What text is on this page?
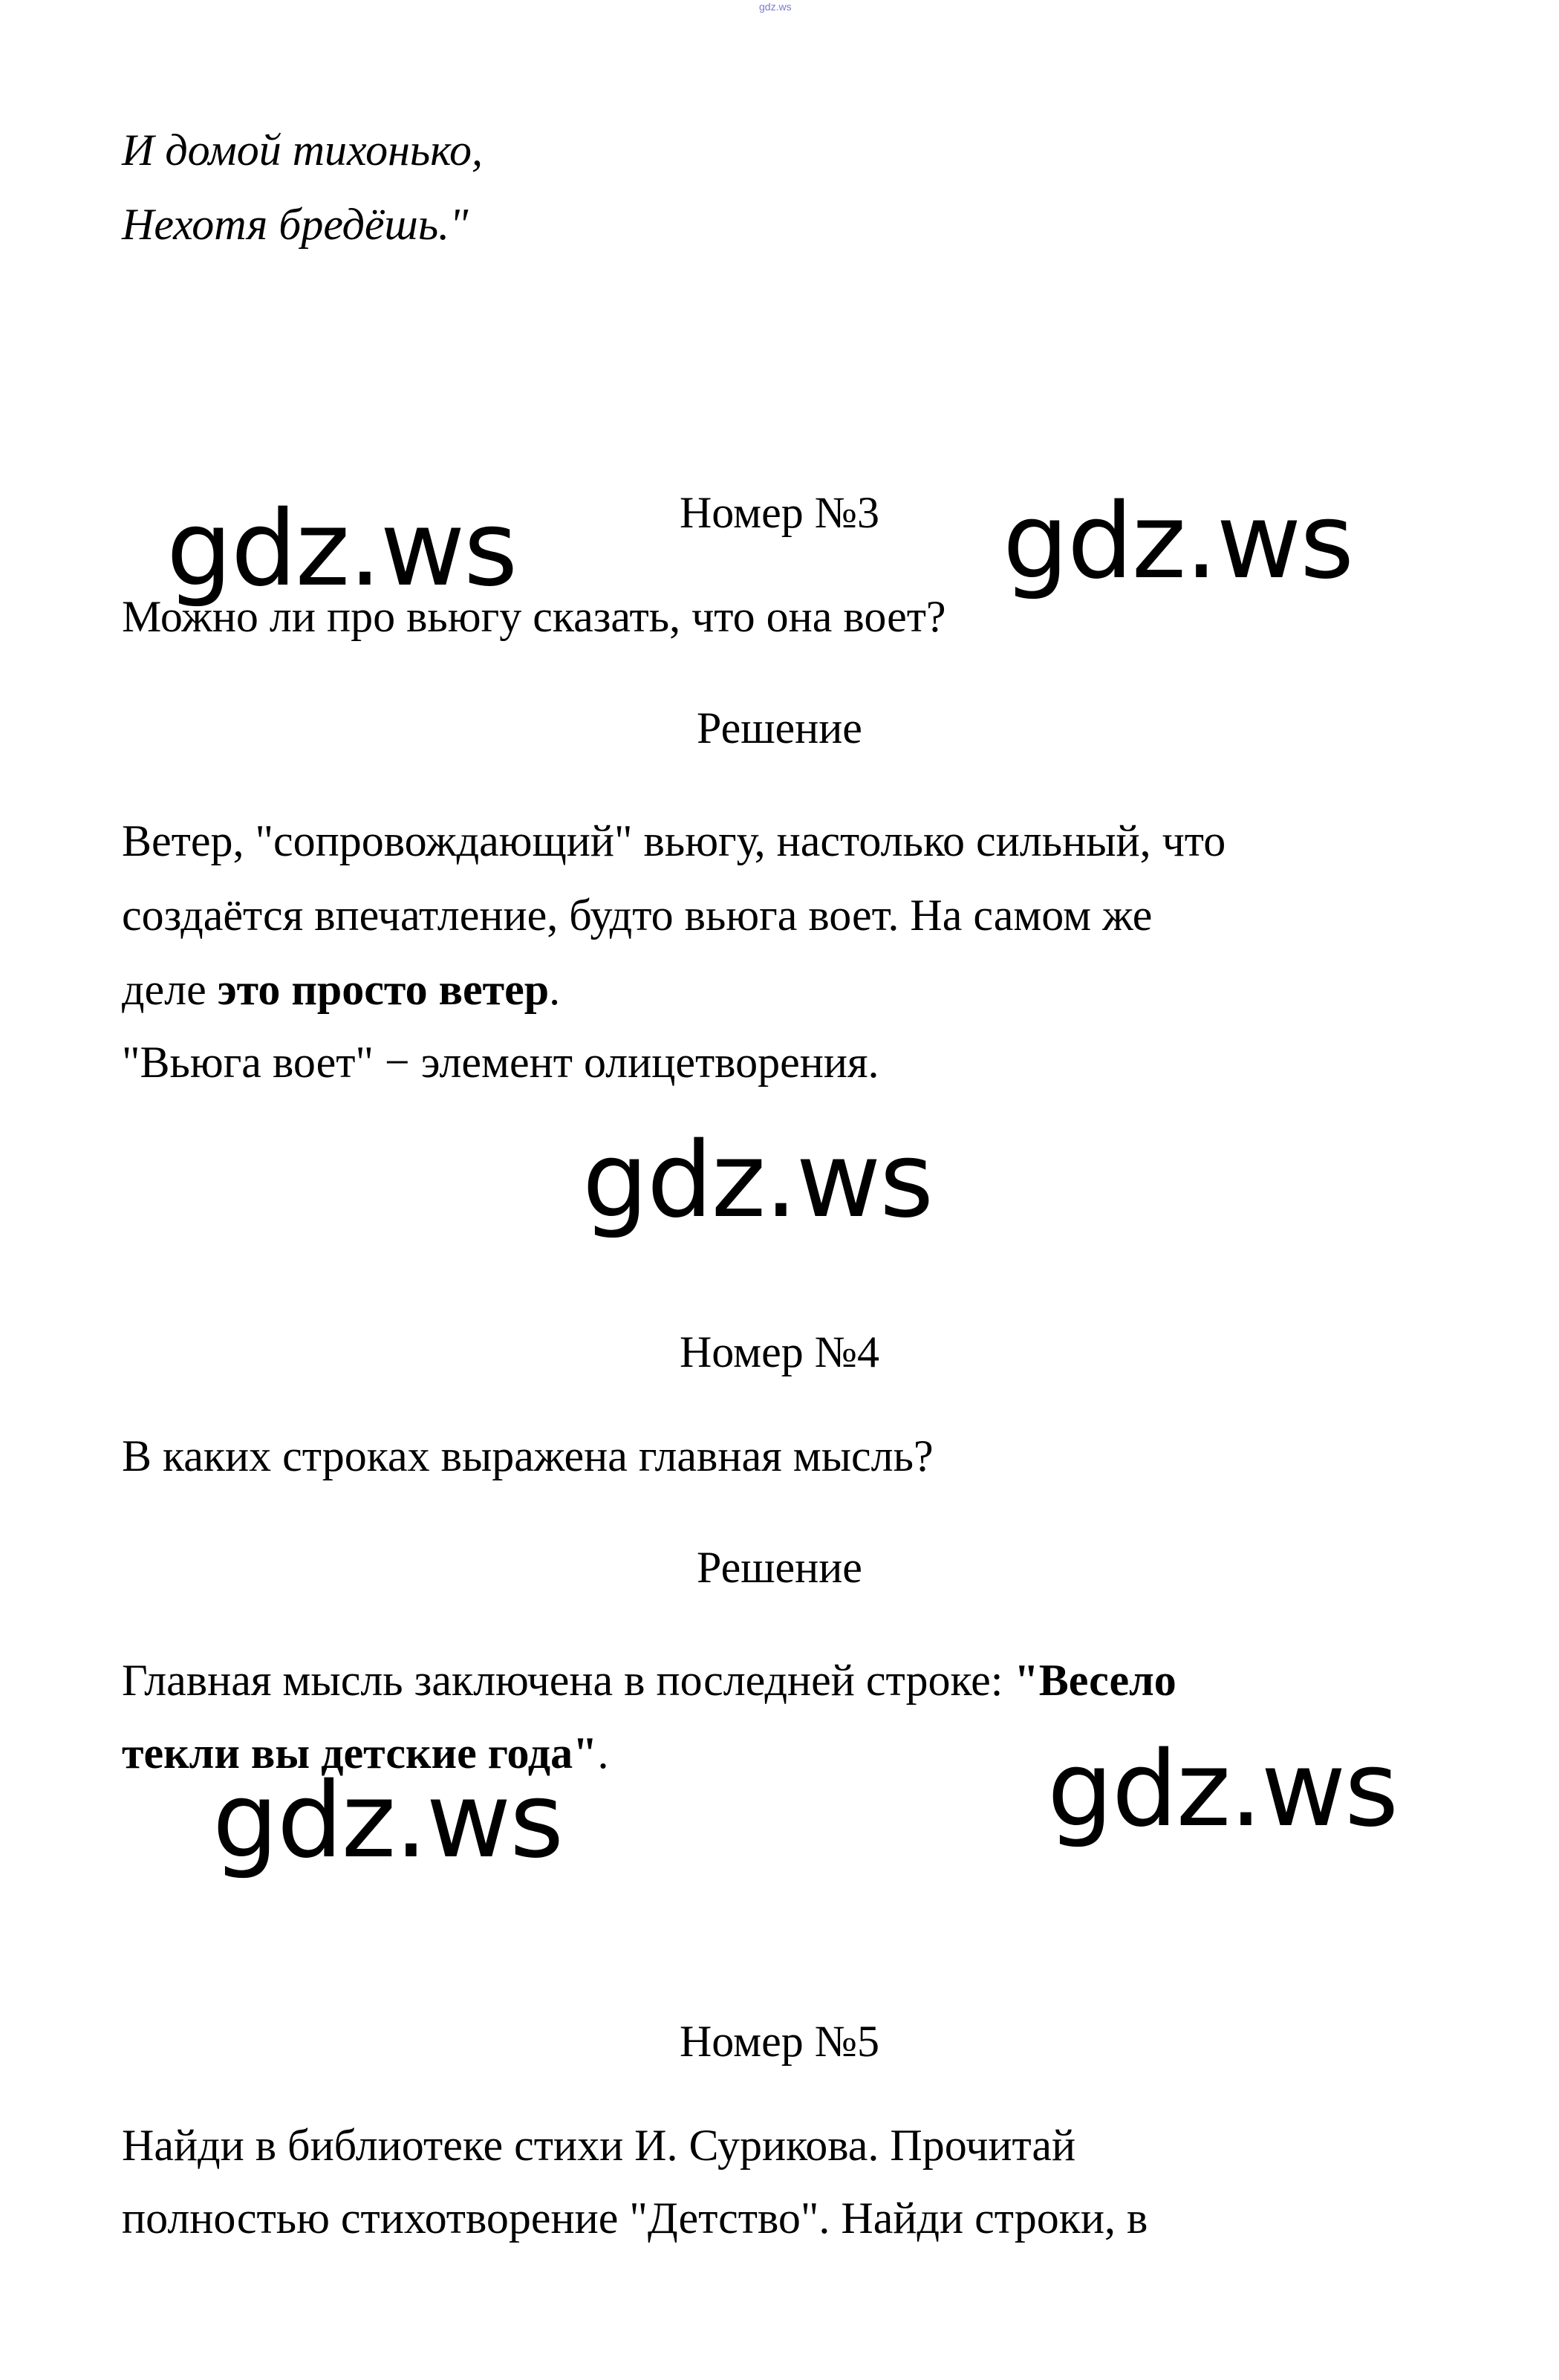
gdz.ws
И домой тихонько,
Нехотя бредёшь."
Номер №3
Можно ли про вьюгу сказать, что она воет?
Решение
Ветер, "сопровождающий" вьюгу, настолько сильный, что
создаётся впечатление, будто вьюга воет. На самом же
деле это просто ветер.
"Вьюга воет" − элемент олицетворения.
Номер №4
В каких строках выражена главная мысль?
Решение
Главная мысль заключена в последней строке: "Весело
текли вы детские года".
Номер №5
Найди в библиотеке стихи И. Сурикова. Прочитай
полностью стихотворение "Детство". Найди строки, в
gdz.ws	gdz.ws
gdz.ws
gdz.ws	gdz.ws
